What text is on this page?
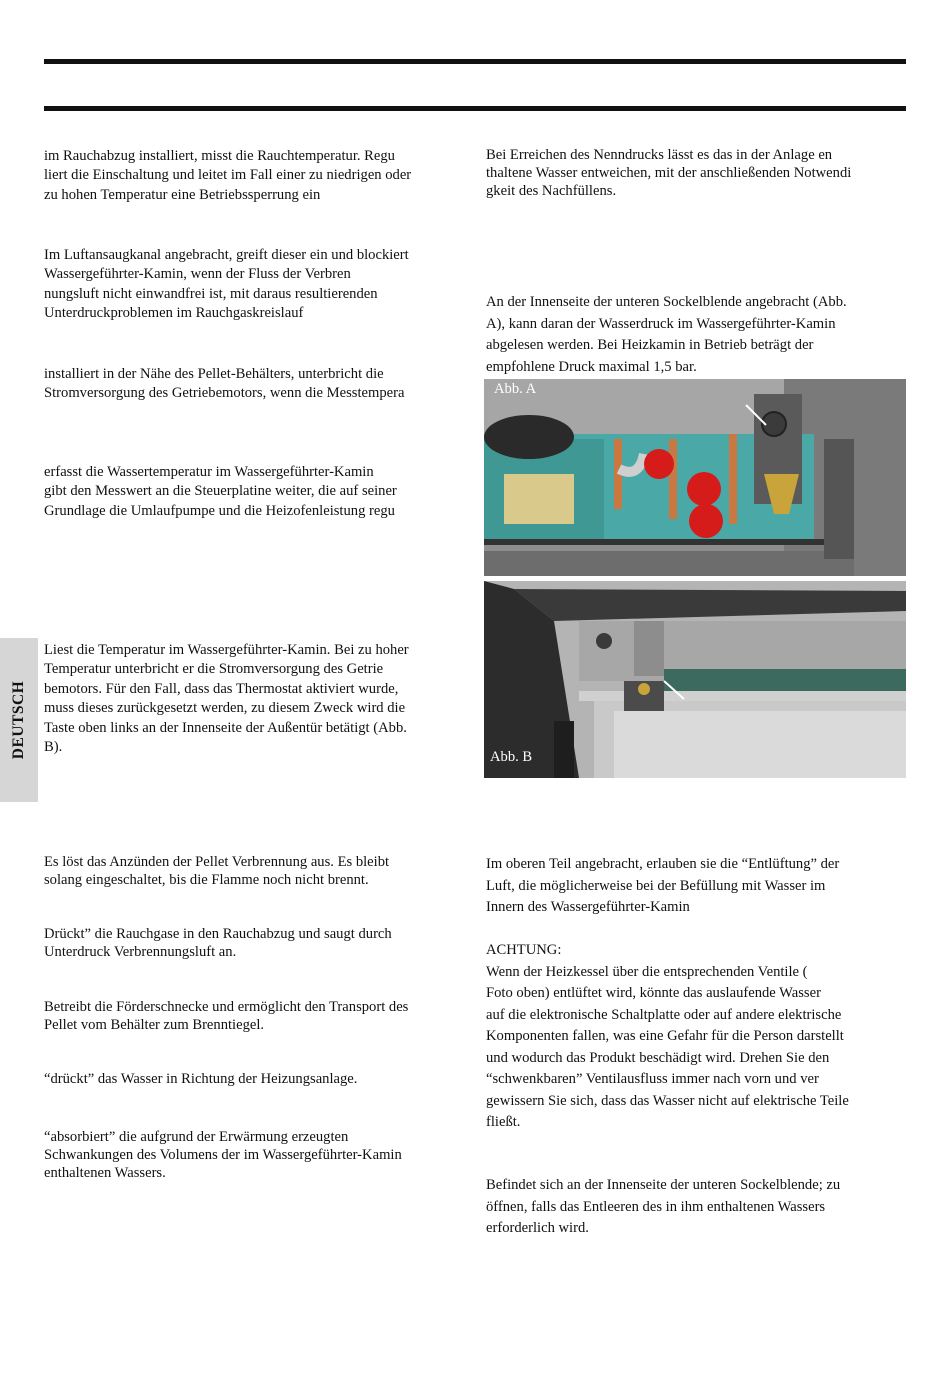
im Rauchabzug installiert, misst die Rauchtemperatur. Regu
liert die Einschaltung und leitet im Fall einer zu niedrigen oder
zu hohen Temperatur eine Betriebssperrung ein

Im Luftansaugkanal angebracht, greift dieser ein und blockiert
Wassergeführter-Kamin, wenn der Fluss der Verbren
nungsluft nicht einwandfrei ist, mit daraus resultierenden
Unterdruckproblemen im Rauchgaskreislauf

installiert in der Nähe des Pellet-Behälters, unterbricht die
Stromversorgung des Getriebemotors, wenn die Messtempera

erfasst die Wassertemperatur im Wassergeführter-Kamin
gibt den Messwert an die Steuerplatine weiter, die auf seiner
Grundlage die Umlaufpumpe und die Heizofenleistung regu

Liest die Temperatur im Wassergeführter-Kamin. Bei zu hoher
Temperatur unterbricht er die Stromversorgung des Getrie
bemotors. Für den Fall, dass das Thermostat aktiviert wurde,
muss dieses zurückgesetzt werden, zu diesem Zweck wird die
Taste oben links an der Innenseite der Außentür betätigt (Abb.
B).

Es löst das Anzünden der Pellet Verbrennung aus. Es bleibt
solang eingeschaltet, bis die Flamme noch nicht brennt.

Drückt” die Rauchgase in den Rauchabzug und saugt durch
Unterdruck Verbrennungsluft an.

Betreibt die Förderschnecke und ermöglicht den Transport des
Pellet vom Behälter zum Brenntiegel.

“drückt” das Wasser in Richtung der Heizungsanlage.

“absorbiert” die aufgrund der Erwärmung erzeugten
Schwankungen des Volumens der im Wassergeführter-Kamin
enthaltenen Wassers.

DEUTSCH

Bei Erreichen des Nenndrucks lässt es das in der Anlage en
thaltene Wasser entweichen, mit der anschließenden Notwendi
gkeit des Nachfüllens.

An der Innenseite der unteren Sockelblende angebracht (Abb.
A), kann daran der Wasserdruck im Wassergeführter-Kamin
abgelesen werden. Bei Heizkamin in Betrieb beträgt der
empfohlene Druck maximal 1,5 bar.

Abb. A
Abb. B

Im oberen Teil angebracht, erlauben sie die “Entlüftung” der
Luft, die möglicherweise bei der Befüllung mit Wasser im
Innern des Wassergeführter-Kamin

ACHTUNG:
Wenn der Heizkessel über die entsprechenden Ventile (
Foto oben) entlüftet wird, könnte das auslaufende Wasser
auf die elektronische Schaltplatte oder auf andere elektrische
Komponenten fallen, was eine Gefahr für die Person darstellt
und wodurch das Produkt beschädigt wird. Drehen Sie den
“schwenkbaren” Ventilausfluss immer nach vorn und ver
gewissern Sie sich, dass das Wasser nicht auf elektrische Teile
fließt.

Befindet sich an der Innenseite der unteren Sockelblende; zu
öffnen, falls das Entleeren des in ihm enthaltenen Wassers
erforderlich wird.
